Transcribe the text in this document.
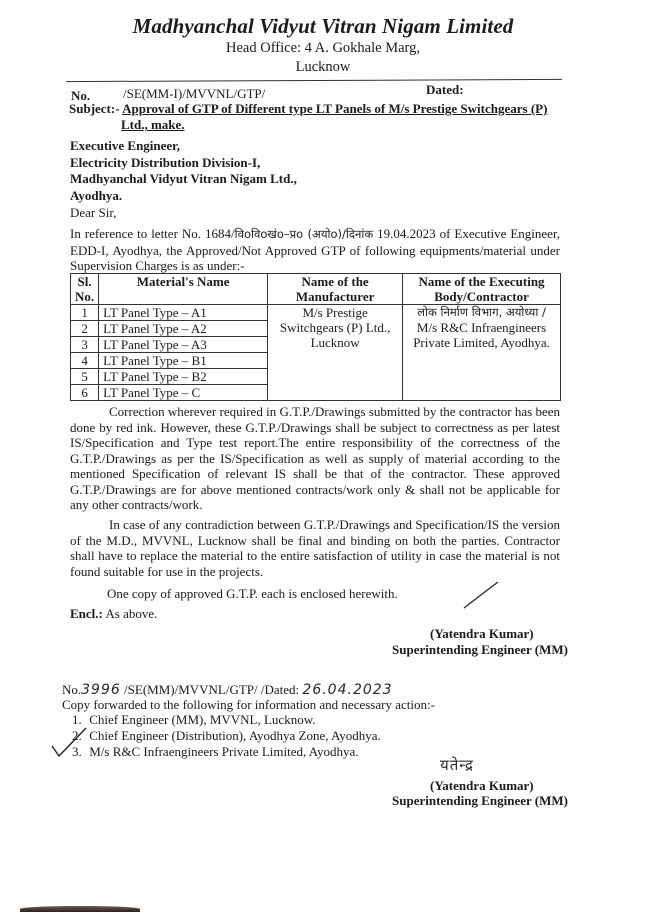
Madhyanchal Vidyut Vitran Nigam Limited
Head Office: 4 A. Gokhale Marg,
Lucknow
No.	/SE(MM-I)/MVVNL/GTP/	Dated:
Subject:- Approval of GTP of Different type LT Panels of M/s Prestige Switchgears (P)
Ltd., make.
Executive Engineer,
Electricity Distribution Division-I,
Madhyanchal Vidyut Vitran Nigam Ltd.,
Ayodhya.
Dear Sir,
In reference to letter No. 1684/विoविoखंo–प्रo (अयोo)/दिनांक 19.04.2023 of Executive Engineer, EDD-I, Ayodhya, the Approved/Not Approved GTP of following equipments/material under Supervision Charges is as under:-
Sl. No.	Material's Name	Name of the Manufacturer	Name of the Executing Body/Contractor
1	LT Panel Type – A1	M/s Prestige Switchgears (P) Ltd., Lucknow	लोक निर्माण विभाग, अयोध्या /
M/s R&C Infraengineers Private Limited, Ayodhya.

2	LT Panel Type – A2		
3	LT Panel Type – A3		
4	LT Panel Type – B1		
5	LT Panel Type – B2		
6	LT Panel Type – C		
Correction wherever required in G.T.P./Drawings submitted by the contractor has been done by red ink. However, these G.T.P./Drawings shall be subject to correctness as per latest IS/Specification and Type test report.The entire responsibility of the correctness of the G.T.P./Drawings as per the IS/Specification as well as supply of material according to the mentioned Specification of relevant IS shall be that of the contractor. These approved G.T.P./Drawings are for above mentioned contracts/work only & shall not be applicable for any other contracts/work.
In case of any contradiction between G.T.P./Drawings and Specification/IS the version of the M.D., MVVNL, Lucknow shall be final and binding on both the parties. Contractor shall have to replace the material to the entire satisfaction of utility in case the material is not found suitable for use in the projects.
One copy of approved G.T.P. each is enclosed herewith.
Encl.: As above.
(Yatendra Kumar)
Superintending Engineer (MM)
No.3996 /SE(MM)/MVVNL/GTP/ /Dated: 26.04.2023
Copy forwarded to the following for information and necessary action:-
1. Chief Engineer (MM), MVVNL, Lucknow.
2. Chief Engineer (Distribution), Ayodhya Zone, Ayodhya.
3. M/s R&C Infraengineers Private Limited, Ayodhya.
यतेन्द्र
(Yatendra Kumar)
Superintending Engineer (MM)
